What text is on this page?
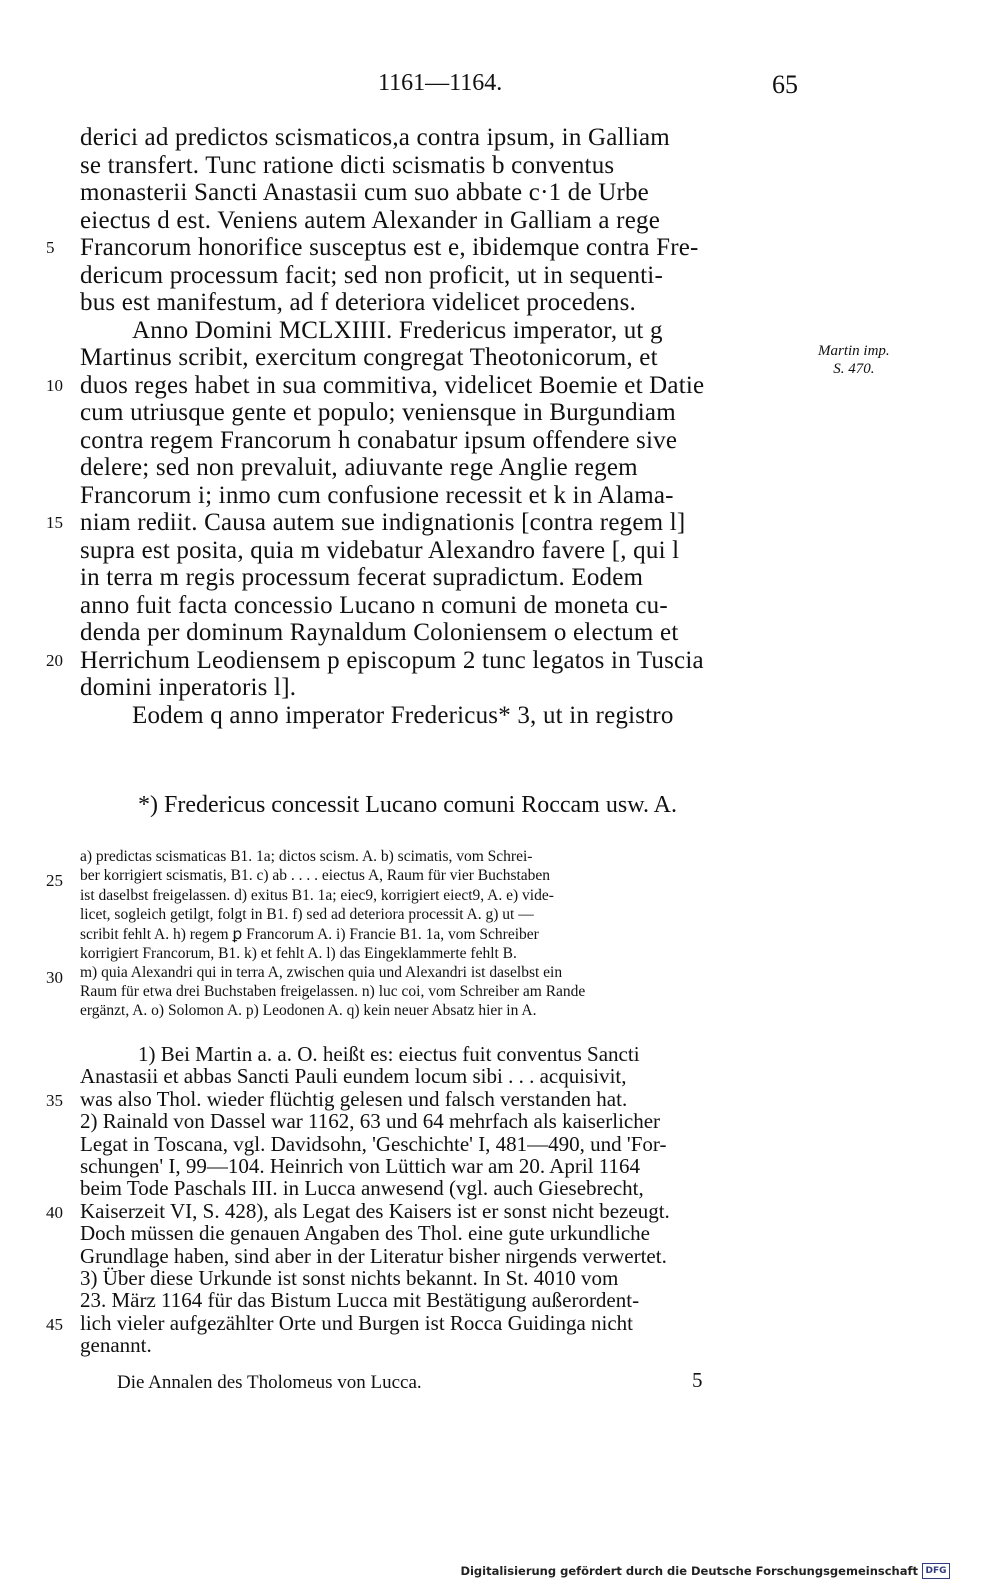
1161—1164.	65
derici ad predictos scismaticos,a contra ipsum, in Galliam
se transfert. Tunc ratione dicti scismatis b conventus
monasterii Sancti Anastasii cum suo abbate c·1 de Urbe
eiectus d est. Veniens autem Alexander in Galliam a rege
Francorum honorifice susceptus est e, ibidemque contra Fre-
5
dericum processum facit; sed non proficit, ut in sequenti-
bus est manifestum, ad f deteriora videlicet procedens.
Anno Domini MCLXIIII. Fredericus imperator, ut g
Martinus scribit, exercitum congregat Theotonicorum, et
duos reges habet in sua commitiva, videlicet Boemie et Datie
10
cum utriusque gente et populo; veniensque in Burgundiam
contra regem Francorum h conabatur ipsum offendere sive
delere; sed non prevaluit, adiuvante rege Anglie regem
Francorum i; inmo cum confusione recessit et k in Alama-
niam rediit. Causa autem sue indignationis [contra regem l]
15
supra est posita, quia m videbatur Alexandro favere [, qui l
in terra m regis processum fecerat supradictum. Eodem
anno fuit facta concessio Lucano n comuni de moneta cu-
denda per dominum Raynaldum Coloniensem o electum et
Herrichum Leodiensem p episcopum 2 tunc legatos in Tuscia
20
domini inperatoris l].
Eodem q anno imperator Fredericus* 3, ut in registro
Martin imp.
S. 470.
*) Fredericus concessit Lucano comuni Roccam usw. A.
a) predictas scismaticas B1. 1a; dictos scism. A. b) scimatis, vom Schrei-
ber korrigiert scismatis, B1. c) ab . . . . eiectus A, Raum für vier Buchstaben
25
ist daselbst freigelassen. d) exitus B1. 1a; eiec9, korrigiert eiect9, A. e) vide-
licet, sogleich getilgt, folgt in B1. f) sed ad deteriora processit A. g) ut —
scribit fehlt A. h) regem ꝑ Francorum A. i) Francie B1. 1a, vom Schreiber
korrigiert Francorum, B1. k) et fehlt A. l) das Eingeklammerte fehlt B.
m) quia Alexandri qui in terra A, zwischen quia und Alexandri ist daselbst ein
30
Raum für etwa drei Buchstaben freigelassen. n) luc coi, vom Schreiber am Rande
ergänzt, A. o) Solomon A. p) Leodonen A. q) kein neuer Absatz hier in A.
1) Bei Martin a. a. O. heißt es: eiectus fuit conventus Sancti
Anastasii et abbas Sancti Pauli eundem locum sibi . . . acquisivit,
was also Thol. wieder flüchtig gelesen und falsch verstanden hat.
35
2) Rainald von Dassel war 1162, 63 und 64 mehrfach als kaiserlicher
Legat in Toscana, vgl. Davidsohn, 'Geschichte' I, 481—490, und 'For-
schungen' I, 99—104. Heinrich von Lüttich war am 20. April 1164
beim Tode Paschals III. in Lucca anwesend (vgl. auch Giesebrecht,
Kaiserzeit VI, S. 428), als Legat des Kaisers ist er sonst nicht bezeugt.
40
Doch müssen die genauen Angaben des Thol. eine gute urkundliche
Grundlage haben, sind aber in der Literatur bisher nirgends verwertet.
3) Über diese Urkunde ist sonst nichts bekannt. In St. 4010 vom
23. März 1164 für das Bistum Lucca mit Bestätigung außerordent-
lich vieler aufgezählter Orte und Burgen ist Rocca Guidinga nicht
45
genannt.
Die Annalen des Tholomeus von Lucca.	5
Digitalisierung gefördert durch die Deutsche Forschungsgemeinschaft DFG
